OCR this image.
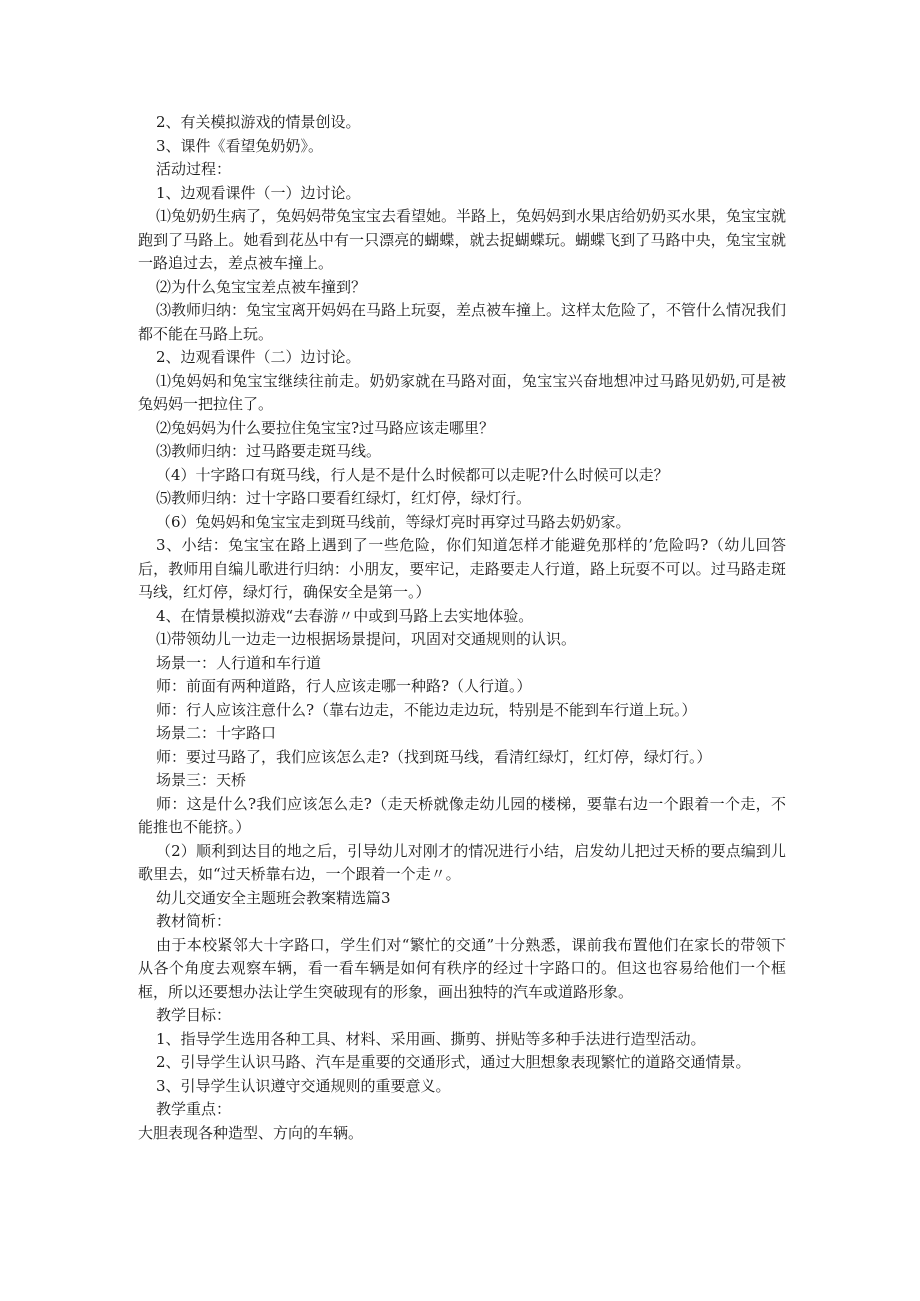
2、有关模拟游戏的情景创设。

3、课件《看望兔奶奶》。

活动过程：

1、边观看课件（一）边讨论。

⑴兔奶奶生病了，兔妈妈带兔宝宝去看望她。半路上，兔妈妈到水果店给奶奶买水果，兔宝宝就跑到了马路上。她看到花丛中有一只漂亮的蝴蝶，就去捉蝴蝶玩。蝴蝶飞到了马路中央，兔宝宝就一路追过去，差点被车撞上。

⑵为什么兔宝宝差点被车撞到？

⑶教师归纳：兔宝宝离开妈妈在马路上玩耍，差点被车撞上。这样太危险了，不管什么情况我们都不能在马路上玩。

2、边观看课件（二）边讨论。

⑴兔妈妈和兔宝宝继续往前走。奶奶家就在马路对面，兔宝宝兴奋地想冲过马路见奶奶,可是被兔妈妈一把拉住了。

⑵兔妈妈为什么要拉住兔宝宝?过马路应该走哪里？

⑶教师归纳：过马路要走斑马线。

（4）十字路口有斑马线，行人是不是什么时候都可以走呢?什么时候可以走？

⑸教师归纳：过十字路口要看红绿灯，红灯停，绿灯行。

（6）兔妈妈和兔宝宝走到斑马线前，等绿灯亮时再穿过马路去奶奶家。

3、小结：兔宝宝在路上遇到了一些危险，你们知道怎样才能避免那样的’危险吗?（幼儿回答后，教师用自编儿歌进行归纳：小朋友，要牢记，走路要走人行道，路上玩耍不可以。过马路走斑马线，红灯停，绿灯行，确保安全是第一。）

4、在情景模拟游戏“去春游〃中或到马路上去实地体验。

⑴带领幼儿一边走一边根据场景提问，巩固对交通规则的认识。

场景一：人行道和车行道

师：前面有两种道路，行人应该走哪一种路?（人行道。）

师：行人应该注意什么?（靠右边走，不能边走边玩，特别是不能到车行道上玩。）

场景二：十字路口

师：要过马路了，我们应该怎么走?（找到斑马线，看清红绿灯，红灯停，绿灯行。）

场景三：天桥

师：这是什么?我们应该怎么走?（走天桥就像走幼儿园的楼梯，要靠右边一个跟着一个走，不能推也不能挤。）

（2）顺利到达目的地之后，引导幼儿对刚才的情况进行小结，启发幼儿把过天桥的要点编到儿歌里去，如“过天桥靠右边，一个跟着一个走〃。

幼儿交通安全主题班会教案精选篇3

教材简析：

由于本校紧邻大十字路口，学生们对“繁忙的交通”十分熟悉，课前我布置他们在家长的带领下从各个角度去观察车辆，看一看车辆是如何有秩序的经过十字路口的。但这也容易给他们一个框框，所以还要想办法让学生突破现有的形象，画出独特的汽车或道路形象。

教学目标：

1、指导学生选用各种工具、材料、采用画、撕剪、拼贴等多种手法进行造型活动。

2、引导学生认识马路、汽车是重要的交通形式，通过大胆想象表现繁忙的道路交通情景。

3、引导学生认识遵守交通规则的重要意义。

教学重点：

大胆表现各种造型、方向的车辆。
